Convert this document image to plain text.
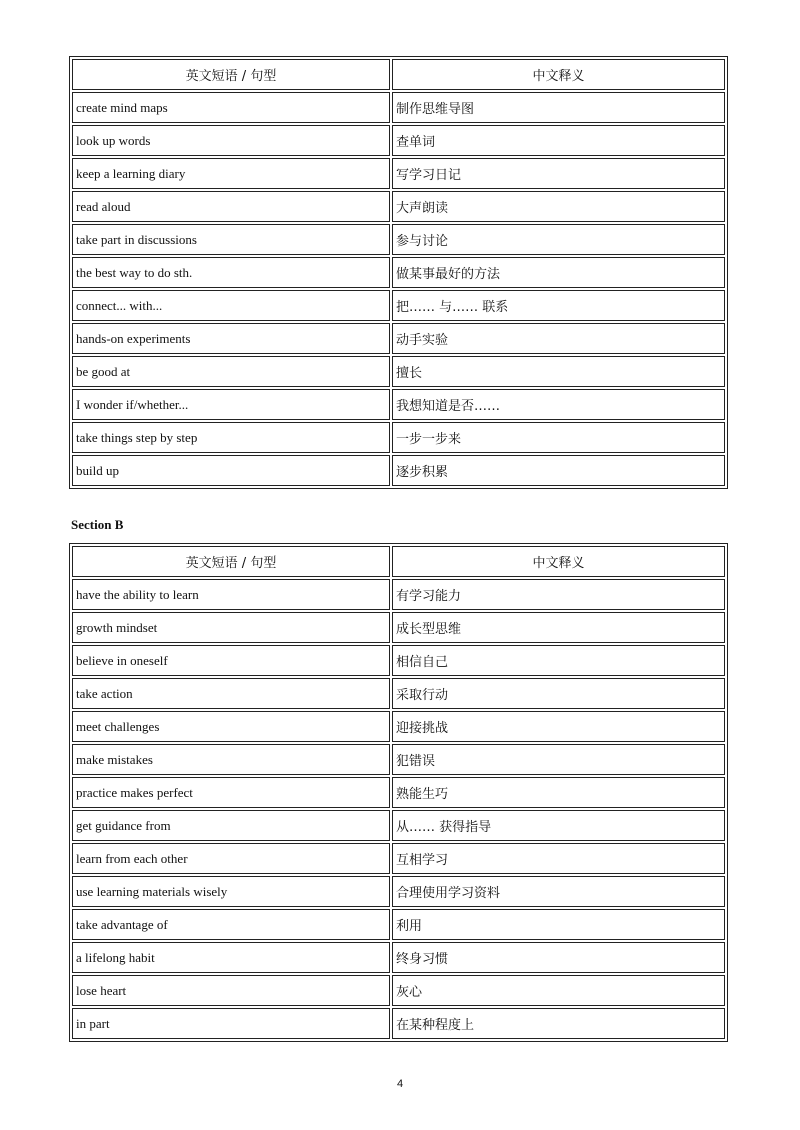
英文短语 / 句型	中文释义
create mind maps	制作思维导图
look up words	查单词
keep a learning diary	写学习日记
read aloud	大声朗读
take part in discussions	参与讨论
the best way to do sth.	做某事最好的方法
connect... with...	把…… 与…… 联系
hands-on experiments	动手实验
be good at	擅长
I wonder if/whether...	我想知道是否……
take things step by step	一步一步来
build up	逐步积累
Section B
英文短语 / 句型	中文释义
have the ability to learn	有学习能力
growth mindset	成长型思维
believe in oneself	相信自己
take action	采取行动
meet challenges	迎接挑战
make mistakes	犯错误
practice makes perfect	熟能生巧
get guidance from	从…… 获得指导
learn from each other	互相学习
use learning materials wisely	合理使用学习资料
take advantage of	利用
a lifelong habit	终身习惯
lose heart	灰心
in part	在某种程度上
4
